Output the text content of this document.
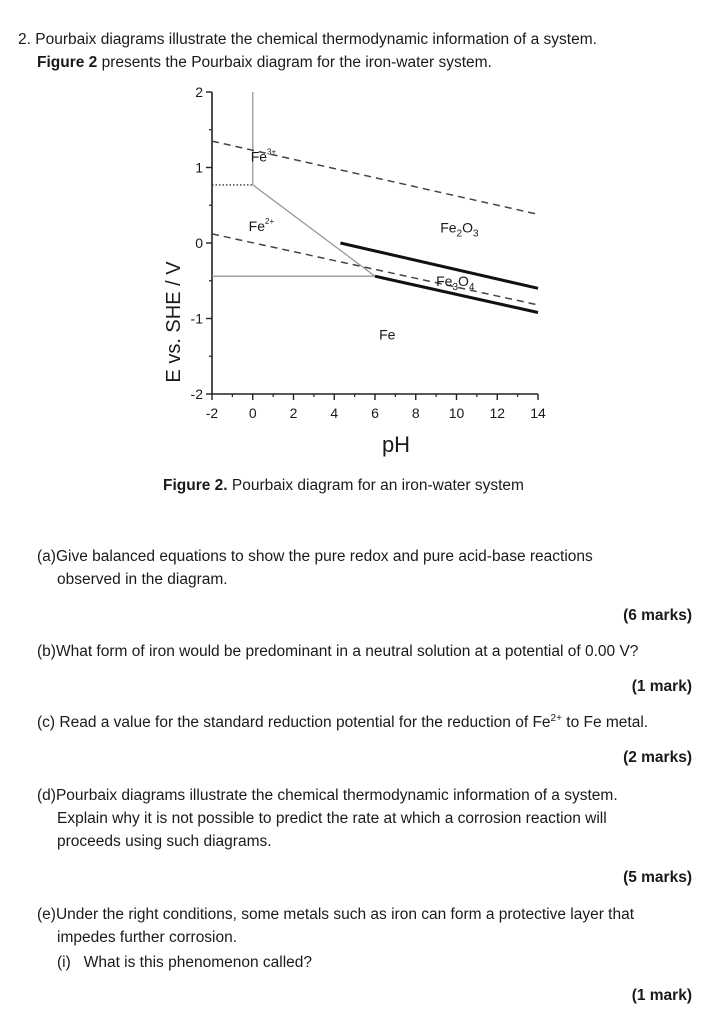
2. Pourbaix diagrams illustrate the chemical thermodynamic information of a system.
Figure 2 presents the Pourbaix diagram for the iron-water system.
-2 0 2 4 6 8 10 12 14
2
1
0
-1
-2
$Fe^{3+}$
$Fe^{2+}$	$Fe_2O_3$
$Fe_3O_4$
Fe
E vs. SHE / V
pH
Figure 2. Pourbaix diagram for an iron-water system
(a)Give balanced equations to show the pure redox and pure acid-base reactions
observed in the diagram.
(6 marks)
(b)What form of iron would be predominant in a neutral solution at a potential of 0.00 V?
(1 mark)
(c) Read a value for the standard reduction potential for the reduction of $Fe^{2+}$ to Fe metal.
(2 marks)
(d)Pourbaix diagrams illustrate the chemical thermodynamic information of a system.
Explain why it is not possible to predict the rate at which a corrosion reaction will
proceeds using such diagrams.
(5 marks)
(e)Under the right conditions, some metals such as iron can form a protective layer that
impedes further corrosion.
(i) What is this phenomenon called?
(1 mark)
